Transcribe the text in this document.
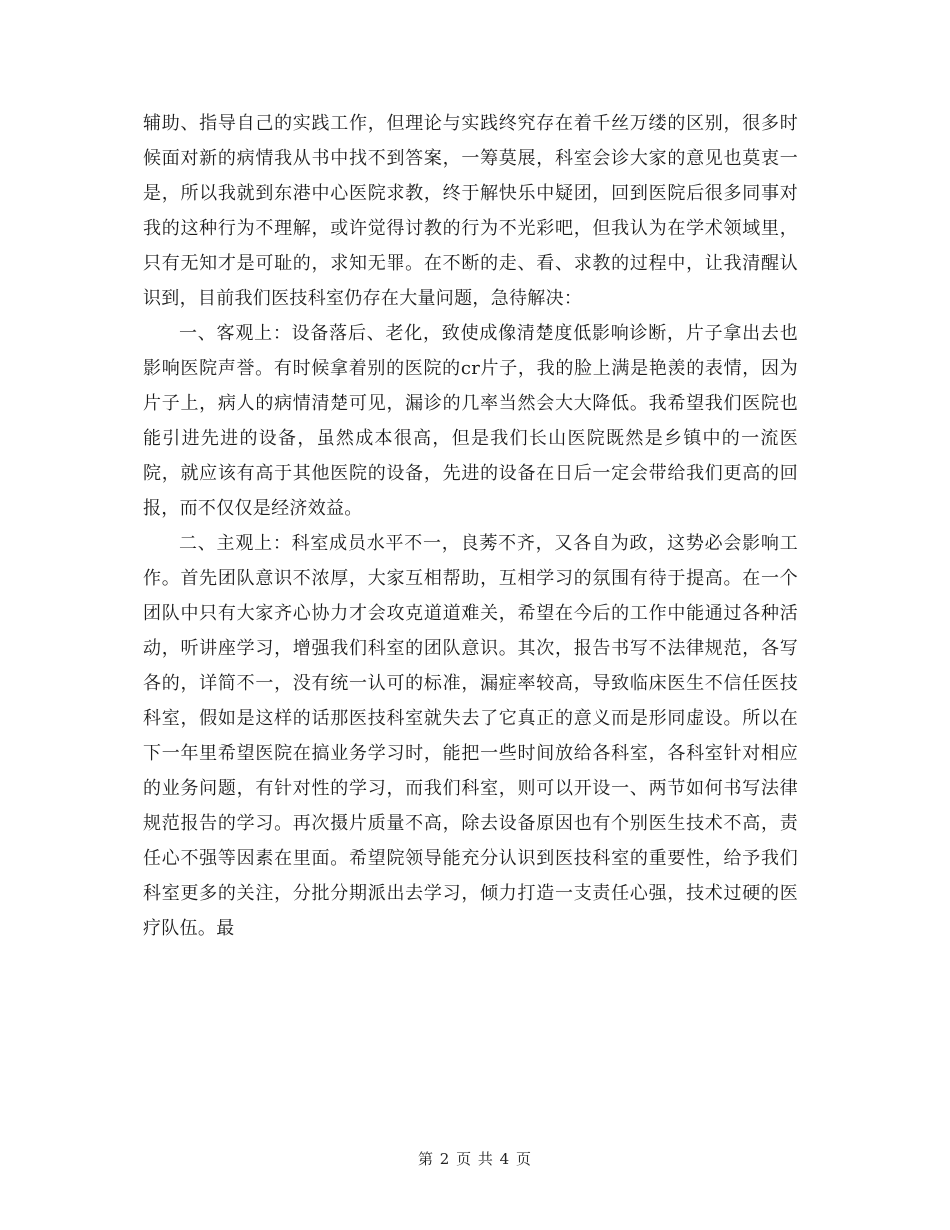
辅助、指导自己的实践工作，但理论与实践终究存在着千丝万缕的区别，很多时候面对新的病情我从书中找不到答案，一筹莫展，科室会诊大家的意见也莫衷一是，所以我就到东港中心医院求教，终于解快乐中疑团，回到医院后很多同事对我的这种行为不理解，或许觉得讨教的行为不光彩吧，但我认为在学术领域里，只有无知才是可耻的，求知无罪。在不断的走、看、求教的过程中，让我清醒认识到，目前我们医技科室仍存在大量问题，急待解决：

一、客观上：设备落后、老化，致使成像清楚度低影响诊断，片子拿出去也影响医院声誉。有时候拿着别的医院的cr片子，我的脸上满是艳羡的表情，因为片子上，病人的病情清楚可见，漏诊的几率当然会大大降低。我希望我们医院也能引进先进的设备，虽然成本很高，但是我们长山医院既然是乡镇中的一流医院，就应该有高于其他医院的设备，先进的设备在日后一定会带给我们更高的回报，而不仅仅是经济效益。

二、主观上：科室成员水平不一，良莠不齐，又各自为政，这势必会影响工作。首先团队意识不浓厚，大家互相帮助，互相学习的氛围有待于提高。在一个团队中只有大家齐心协力才会攻克道道难关，希望在今后的工作中能通过各种活动，听讲座学习，增强我们科室的团队意识。其次，报告书写不法律规范，各写各的，详简不一，没有统一认可的标准，漏症率较高，导致临床医生不信任医技科室，假如是这样的话那医技科室就失去了它真正的意义而是形同虚设。所以在下一年里希望医院在搞业务学习时，能把一些时间放给各科室，各科室针对相应的业务问题，有针对性的学习，而我们科室，则可以开设一、两节如何书写法律规范报告的学习。再次摄片质量不高，除去设备原因也有个别医生技术不高，责任心不强等因素在里面。希望院领导能充分认识到医技科室的重要性，给予我们科室更多的关注，分批分期派出去学习，倾力打造一支责任心强，技术过硬的医疗队伍。最

第 2 页 共 4 页
